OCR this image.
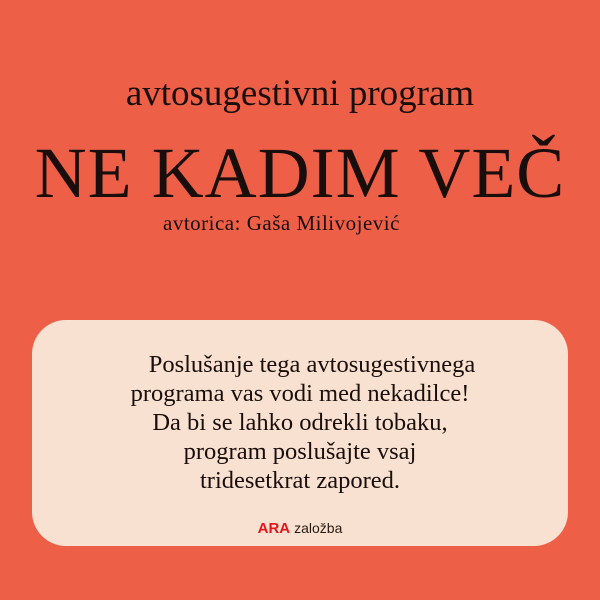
avtosugestivni program
NE KADIM VEČ
avtorica: Gaša Milivojević
Poslušanje tega avtosugestivnega
programa vas vodi med nekadilce!
Da bi se lahko odrekli tobaku,
program poslušajte vsaj
tridesetkrat zapored.
ARA založba
